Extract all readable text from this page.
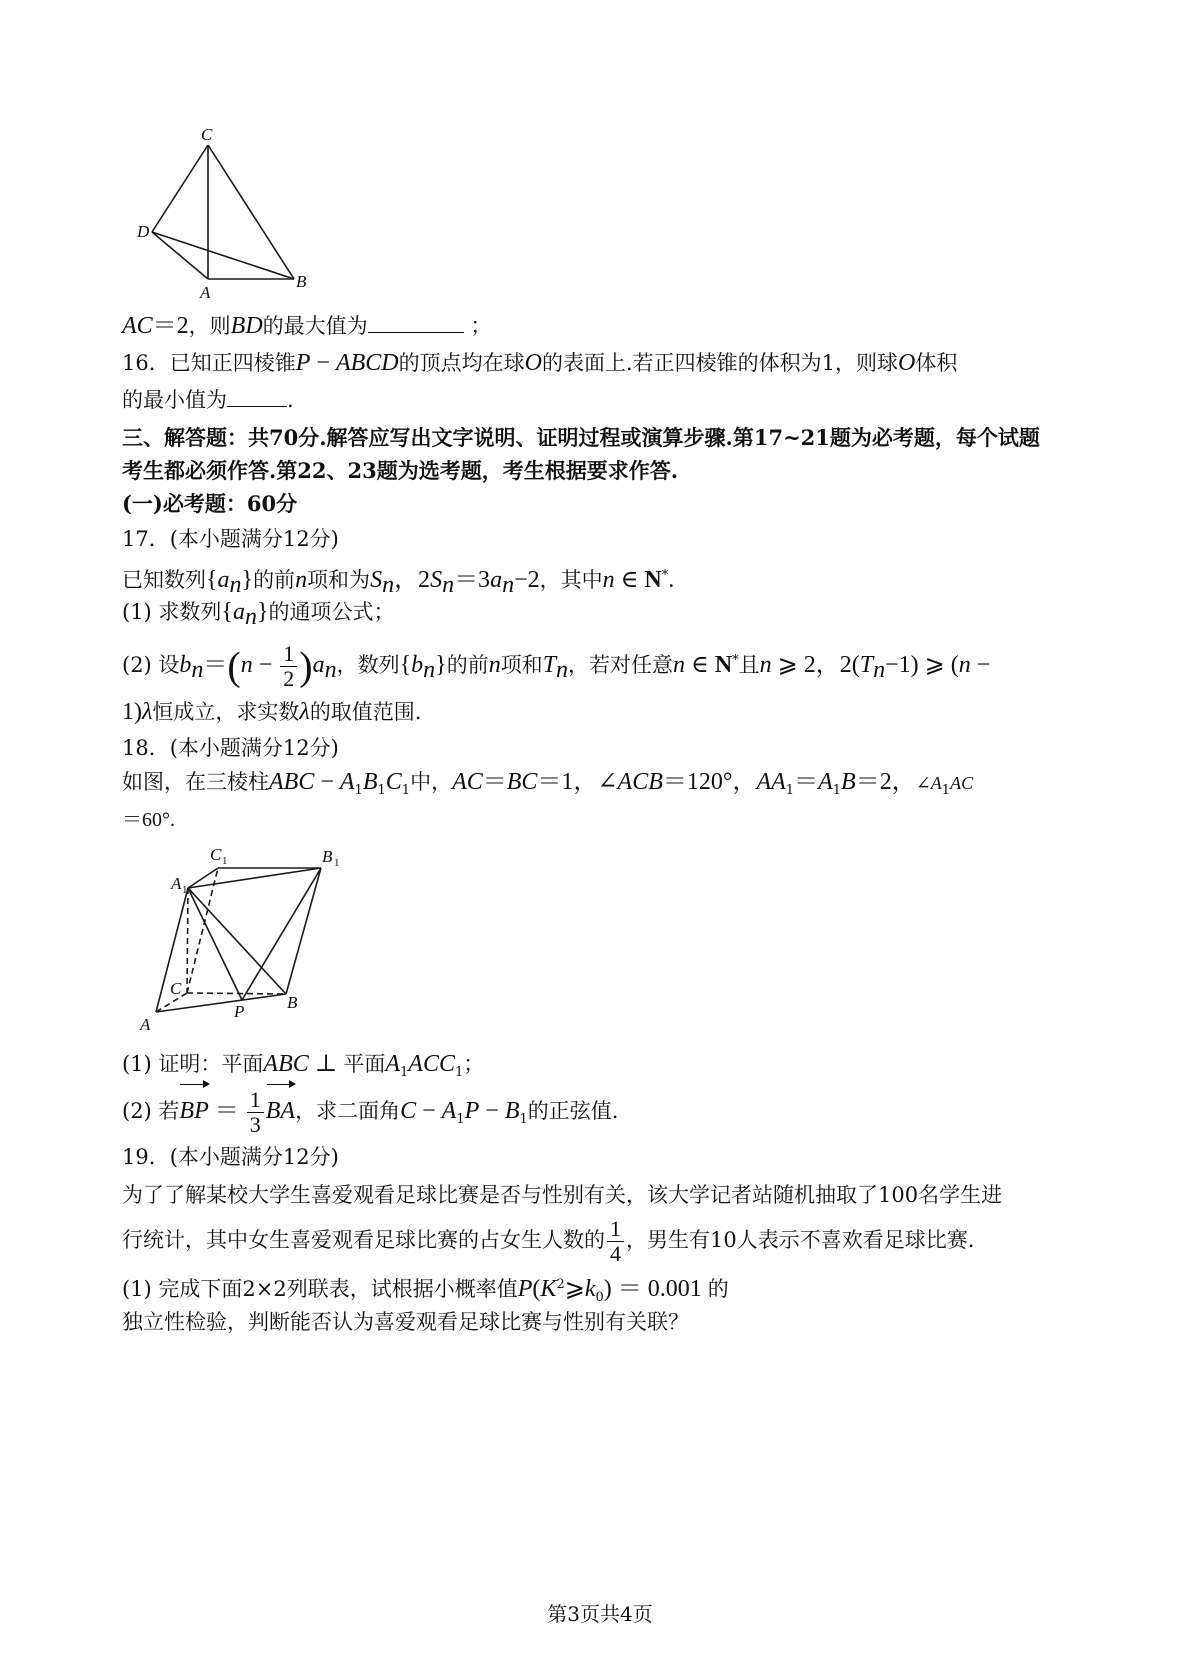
C
D
A
B
AC＝2，则BD的最大值为	；
16．已知正四棱锥P − ABCD的顶点均在球O的表面上.若正四棱锥的体积为1，则球O体积
的最小值为	.
三、解答题：共70分.解答应写出文字说明、证明过程或演算步骤.第17~21题为必考题，每个试题
考生都必须作答.第22、23题为选考题，考生根据要求作答.
(一)必考题：60分
17．(本小题满分12分)
已知数列$\{a_n\}$的前n项和为$S_n$，$2S_n=3a_n-2$，其中n ∈ N*.
(1) 求数列$\{a_n\}$的通项公式；
(2) 设$b_n=(n - \frac{1}{2} )a_n$，数列$\{b_n\}$的前n项和$T_n$，若对任意n ∈ N*且n ⩾ 2，$2(T_n-1)$ ⩾ (n −
1)λ恒成立，求实数λ的取值范围.
18．(本小题满分12分)
如图，在三棱柱ABC − $A_1B_1C_1$中，AC＝BC＝1，∠ACB＝120°，$AA_1=A_1B=2$，$\angle A_1AC$
＝60°.
C 1	B 1
A 1
C
P	B
A
(1) 证明：平面ABC ⊥ 平面$A_1ACC_1$；
(2) 若BP ＝ $\frac{1}{3}$ BA，求二面角$C - A_1P - B_1$的正弦值.
19．(本小题满分12分)
为了了解某校大学生喜爱观看足球比赛是否与性别有关，该大学记者站随机抽取了100名学生进
行统计，其中女生喜爱观看足球比赛的占女生人数的 $\frac{1}{4}$ ，男生有10人表示不喜欢看足球比赛.
(1) 完成下面2×2列联表，试根据小概率值$P(K^2⩾k_0) = 0.001$ 的
独立性检验，判断能否认为喜爱观看足球比赛与性别有关联？
第3页共4页
